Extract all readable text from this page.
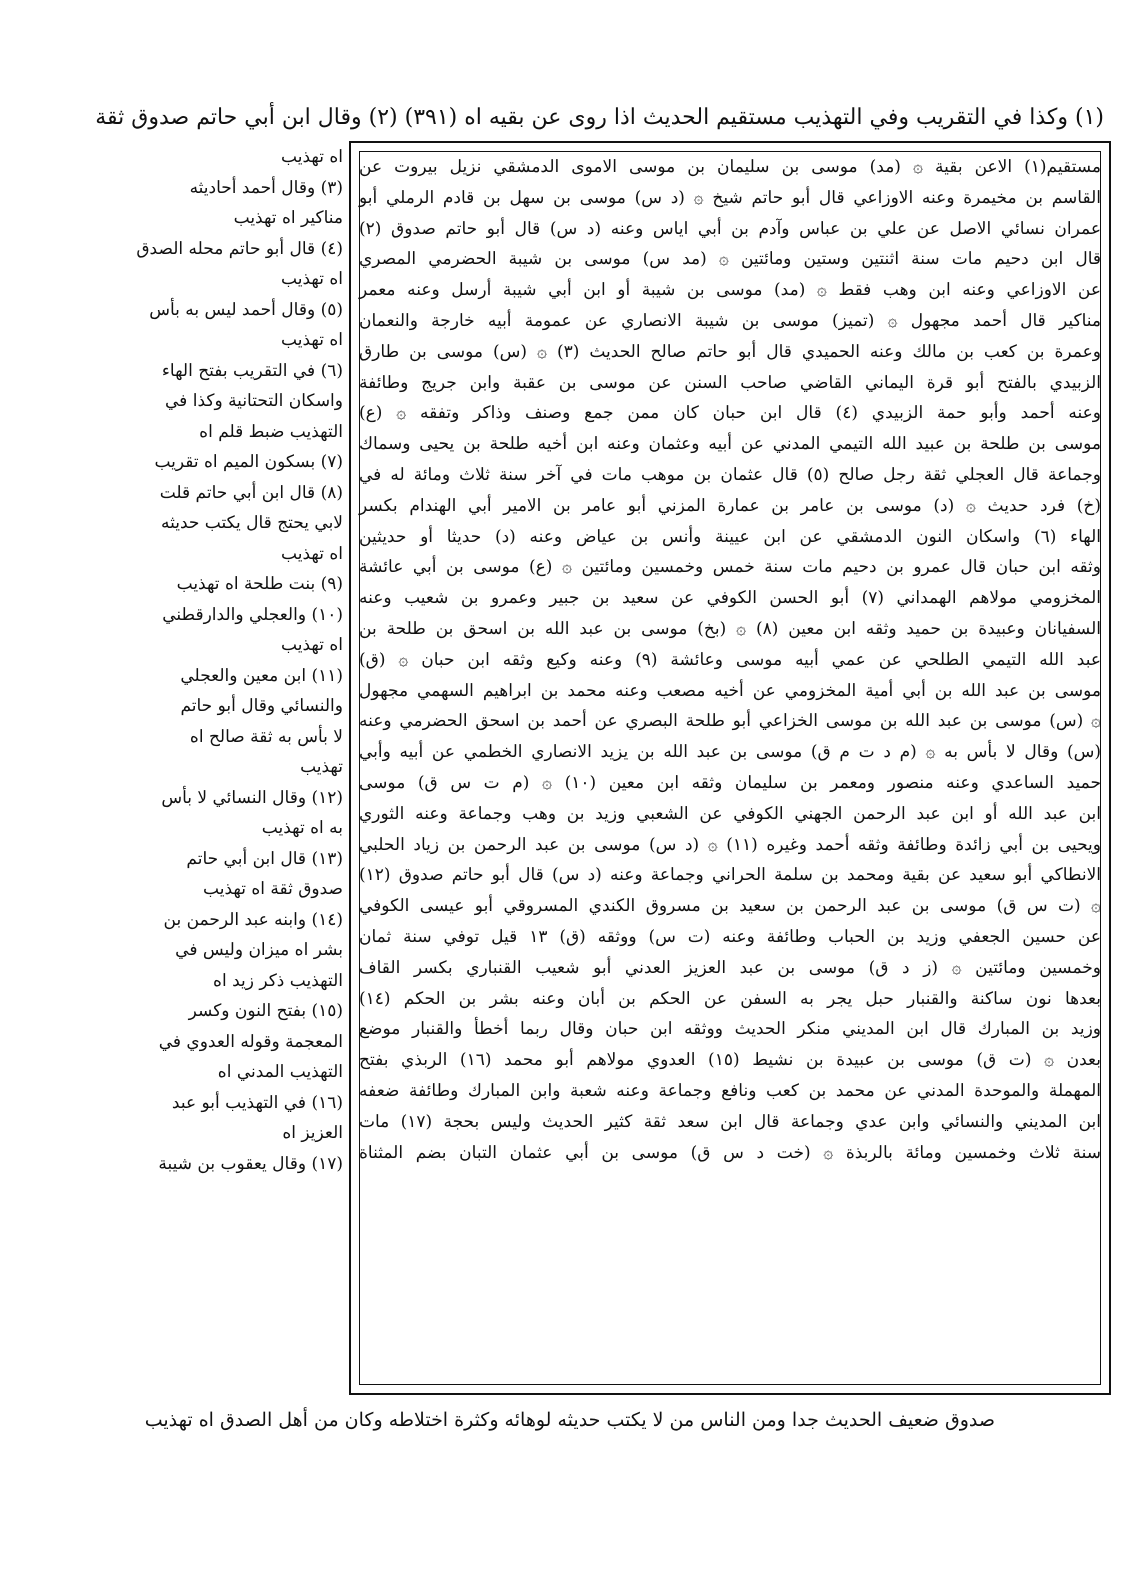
(١) وكذا في التقريب وفي التهذيب مستقيم الحديث اذا روى عن بقيه اه (٣٩١) (٢) وقال ابن أبي حاتم صدوق ثقة
اه تهذيب
(٣) وقال أحمد أحاديثه
مناكير اه تهذيب
(٤) قال أبو حاتم محله الصدق
اه تهذيب
(٥) وقال أحمد ليس به بأس
اه تهذيب
(٦) في التقريب بفتح الهاء
واسكان التحتانية وكذا في
التهذيب ضبط قلم اه
(٧) بسكون الميم اه تقريب
(٨) قال ابن أبي حاتم قلت
لابي يحتج قال يكتب حديثه
اه تهذيب
(٩) بنت طلحة اه تهذيب
(١٠) والعجلي والدارقطني
اه تهذيب
(١١) ابن معين والعجلي
والنسائي وقال أبو حاتم
لا بأس به ثقة صالح اه
تهذيب
(١٢) وقال النسائي لا بأس
به اه تهذيب
(١٣) قال ابن أبي حاتم
صدوق ثقة اه تهذيب
(١٤) وابنه عبد الرحمن بن
بشر اه ميزان وليس في
التهذيب ذكر زيد اه
(١٥) بفتح النون وكسر
المعجمة وقوله العدوي في
التهذيب المدني اه
(١٦) في التهذيب أبو عبد
العزيز اه
(١٧) وقال يعقوب بن شيبة
مستقيم(١) الاعن بقية ۞ (مد) موسى بن سليمان بن موسى الاموى الدمشقي نزيل بيروت عن
القاسم بن مخيمرة وعنه الاوزاعي قال أبو حاتم شيخ ۞ (د س) موسى بن سهل بن قادم الرملي أبو
عمران نسائي الاصل عن علي بن عباس وآدم بن أبي اياس وعنه (د س) قال أبو حاتم صدوق (٢)
قال ابن دحيم مات سنة اثنتين وستين ومائتين ۞ (مد س) موسى بن شيبة الحضرمي المصري
عن الاوزاعي وعنه ابن وهب فقط ۞ (مد) موسى بن شيبة أو ابن أبي شيبة أرسل وعنه معمر
مناكير قال أحمد مجهول ۞ (تميز) موسى بن شيبة الانصاري عن عمومة أبيه خارجة والنعمان
وعمرة بن كعب بن مالك وعنه الحميدي قال أبو حاتم صالح الحديث (٣) ۞ (س) موسى بن طارق
الزبيدي بالفتح أبو قرة اليماني القاضي صاحب السنن عن موسى بن عقبة وابن جريج وطائفة
وعنه أحمد وأبو حمة الزبيدي (٤) قال ابن حبان كان ممن جمع وصنف وذاكر وتفقه ۞ (ع)
موسى بن طلحة بن عبيد الله التيمي المدني عن أبيه وعثمان وعنه ابن أخيه طلحة بن يحيى وسماك
وجماعة قال العجلي ثقة رجل صالح (٥) قال عثمان بن موهب مات في آخر سنة ثلاث ومائة له في
(خ) فرد حديث ۞ (د) موسى بن عامر بن عمارة المزني أبو عامر بن الامير أبي الهندام بكسر
الهاء (٦) واسكان النون الدمشقي عن ابن عيينة وأنس بن عياض وعنه (د) حديثا أو حديثين
وثقه ابن حبان قال عمرو بن دحيم مات سنة خمس وخمسين ومائتين ۞ (ع) موسى بن أبي عائشة
المخزومي مولاهم الهمداني (٧) أبو الحسن الكوفي عن سعيد بن جبير وعمرو بن شعيب وعنه
السفيانان وعبيدة بن حميد وثقه ابن معين (٨) ۞ (بخ) موسى بن عبد الله بن اسحق بن طلحة بن
عبد الله التيمي الطلحي عن عمي أبيه موسى وعائشة (٩) وعنه وكيع وثقه ابن حبان ۞ (ق)
موسى بن عبد الله بن أبي أمية المخزومي عن أخيه مصعب وعنه محمد بن ابراهيم السهمي مجهول
۞ (س) موسى بن عبد الله بن موسى الخزاعي أبو طلحة البصري عن أحمد بن اسحق الحضرمي وعنه
(س) وقال لا بأس به ۞ (م د ت م ق) موسى بن عبد الله بن يزيد الانصاري الخطمي عن أبيه وأبي
حميد الساعدي وعنه منصور ومعمر بن سليمان وثقه ابن معين (١٠) ۞ (م ت س ق) موسى
ابن عبد الله أو ابن عبد الرحمن الجهني الكوفي عن الشعبي وزيد بن وهب وجماعة وعنه الثوري
ويحيى بن أبي زائدة وطائفة وثقه أحمد وغيره (١١) ۞ (د س) موسى بن عبد الرحمن بن زياد الحلبي
الانطاكي أبو سعيد عن بقية ومحمد بن سلمة الحراني وجماعة وعنه (د س) قال أبو حاتم صدوق (١٢)
۞ (ت س ق) موسى بن عبد الرحمن بن سعيد بن مسروق الكندي المسروقي أبو عيسى الكوفي
عن حسين الجعفي وزيد بن الحباب وطائفة وعنه (ت س) ووثقه (ق) ١٣ قيل توفي سنة ثمان
وخمسين ومائتين ۞ (ز د ق) موسى بن عبد العزيز العدني أبو شعيب القنباري بكسر القاف
بعدها نون ساكنة والقنبار حبل يجر به السفن عن الحكم بن أبان وعنه بشر بن الحكم (١٤)
وزيد بن المبارك قال ابن المديني منكر الحديث ووثقه ابن حبان وقال ربما أخطأ والقنبار موضع
بعدن ۞ (ت ق) موسى بن عبيدة بن نشيط (١٥) العدوي مولاهم أبو محمد (١٦) الربذي بفتح
المهملة والموحدة المدني عن محمد بن كعب ونافع وجماعة وعنه شعبة وابن المبارك وطائفة ضعفه
ابن المديني والنسائي وابن عدي وجماعة قال ابن سعد ثقة كثير الحديث وليس بحجة (١٧) مات
سنة ثلاث وخمسين ومائة بالربذة ۞ (خت د س ق) موسى بن أبي عثمان التبان بضم المثناة
صدوق ضعيف الحديث جدا ومن الناس من لا يكتب حديثه لوهائه وكثرة اختلاطه وكان من أهل الصدق اه تهذيب
